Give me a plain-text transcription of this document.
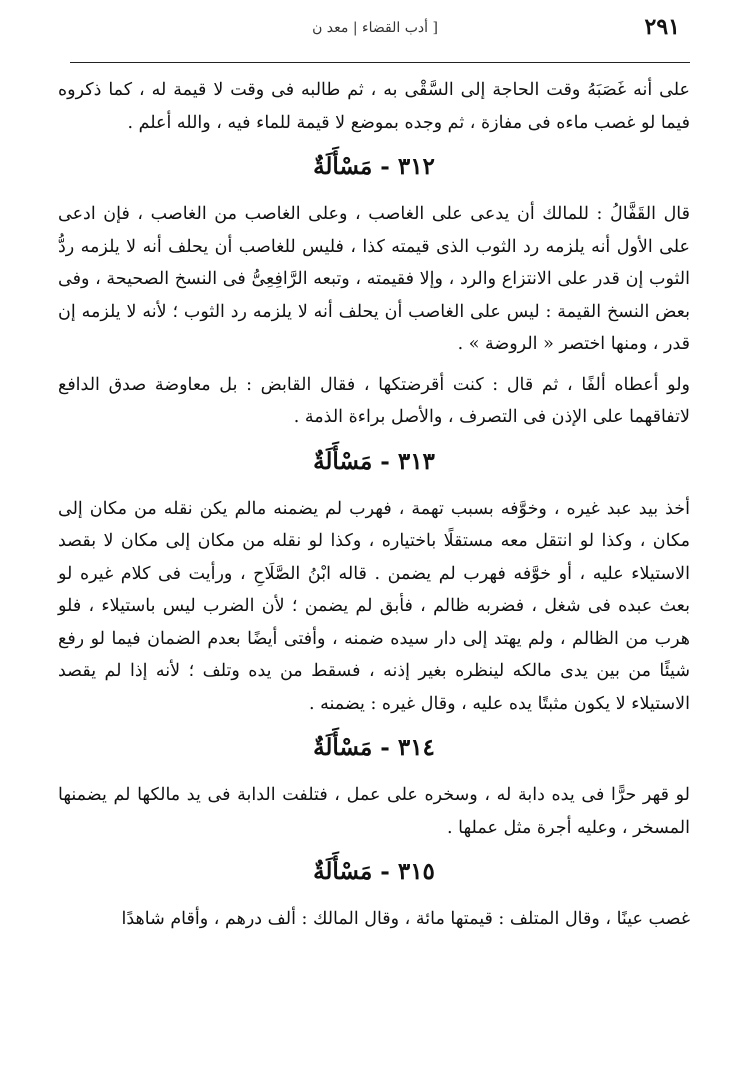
٢٩١
[ أدب القضاء | معد ن

على أنه غَصَبَهُ وقت الحاجة إلى السَّقْى به ، ثم طالبه فى وقت لا قيمة له ، كما ذكروه فيما لو غصب ماءه فى مفازة ، ثم وجده بموضع لا قيمة للماء فيه ، والله أعلم .

٣١٢ - مَسْأَلَةٌ

قال القَفَّالُ : للمالك أن يدعى على الغاصب ، وعلى الغاصب من الغاصب ، فإن ادعى على الأول أنه يلزمه رد الثوب الذى قيمته كذا ، فليس للغاصب أن يحلف أنه لا يلزمه ردُّ الثوب إن قدر على الانتزاع والرد ، وإلا فقيمته ، وتبعه الرَّافِعِىُّ فى النسخ الصحيحة ، وفى بعض النسخ القيمة : ليس على الغاصب أن يحلف أنه لا يلزمه رد الثوب ؛ لأنه لا يلزمه إن قدر ، ومنها اختصر « الروضة » .

ولو أعطاه ألفًا ، ثم قال : كنت أقرضتكها ، فقال القابض : بل معاوضة صدق الدافع لاتفاقهما على الإذن فى التصرف ، والأصل براءة الذمة .

٣١٣ - مَسْأَلَةٌ

أخذ بيد عبد غيره ، وخوَّفه بسبب تهمة ، فهرب لم يضمنه مالم يكن نقله من مكان إلى مكان ، وكذا لو انتقل معه مستقلًا باختياره ، وكذا لو نقله من مكان إلى مكان لا بقصد الاستيلاء عليه ، أو خوَّفه فهرب لم يضمن . قاله ابْنُ الصَّلَاحِ ، ورأيت فى كلام غيره لو بعث عبده فى شغل ، فضربه ظالم ، فأبق لم يضمن ؛ لأن الضرب ليس باستيلاء ، فلو هرب من الظالم ، ولم يهتد إلى دار سيده ضمنه ، وأفتى أيضًا بعدم الضمان فيما لو رفع شيئًا من بين يدى مالكه لينظره بغير إذنه ، فسقط من يده وتلف ؛ لأنه إذا لم يقصد الاستيلاء لا يكون مثبتًا يده عليه ، وقال غيره : يضمنه .

٣١٤ - مَسْأَلَةٌ

لو قهر حرًّا فى يده دابة له ، وسخره على عمل ، فتلفت الدابة فى يد مالكها لم يضمنها المسخر ، وعليه أجرة مثل عملها .

٣١٥ - مَسْأَلَةٌ

غصب عينًا ، وقال المتلف : قيمتها مائة ، وقال المالك : ألف درهم ، وأقام شاهدًا
